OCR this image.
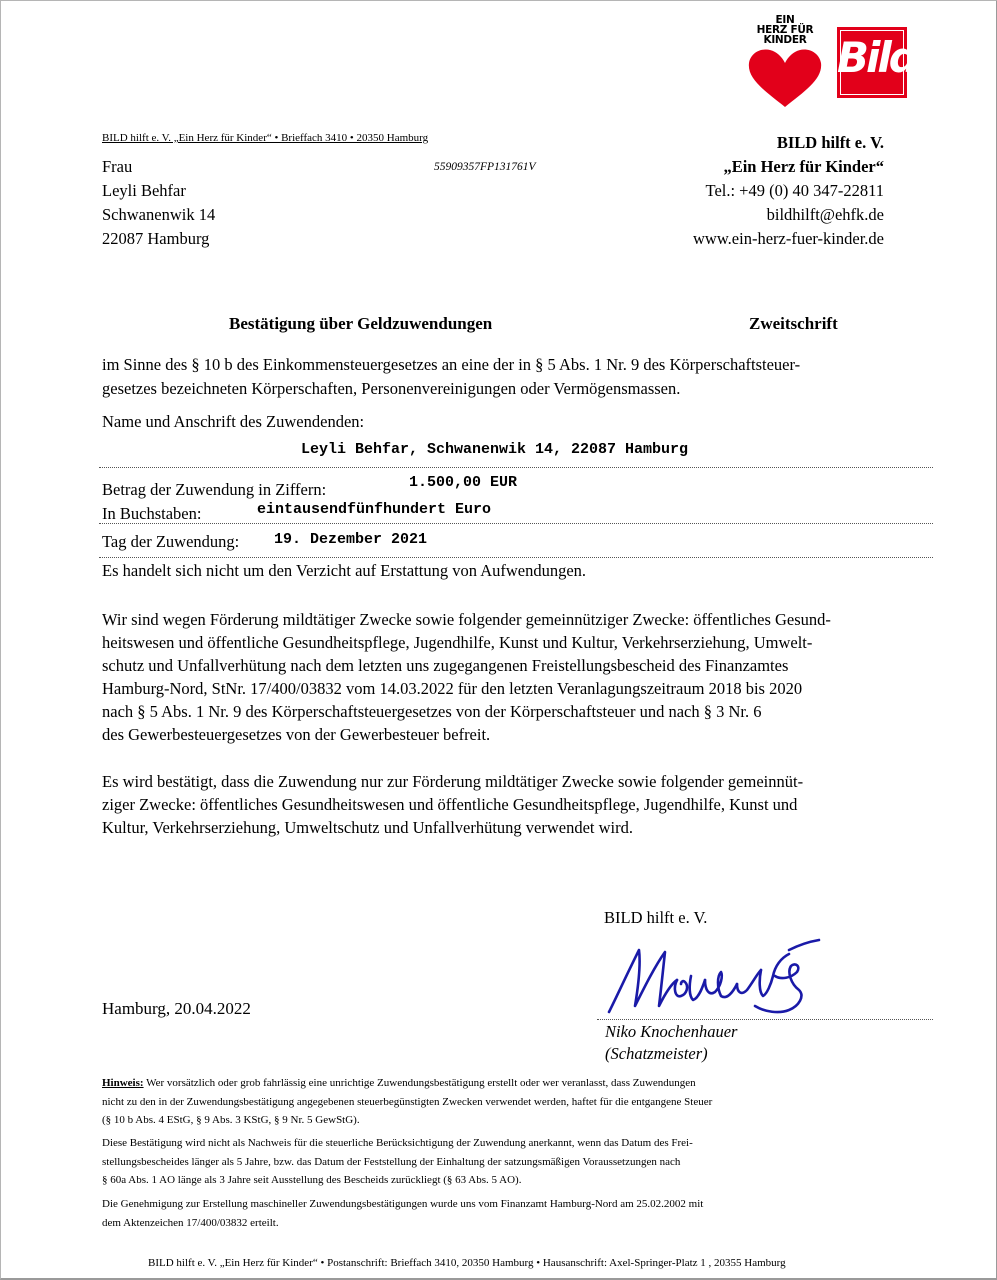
EIN
HERZ FÜR
KINDER Bild
BILD hilft e. V. „Ein Herz für Kinder“ • Brieffach 3410 • 20350 Hamburg
Frau
Leyli Behfar
Schwanenwik 14
22087 Hamburg
55909357FP131761V
BILD hilft e. V.
„Ein Herz für Kinder“
Tel.: +49 (0) 40 347-22811
bildhilft@ehfk.de
www.ein-herz-fuer-kinder.de
Bestätigung über Geldzuwendungen	Zweitschrift
im Sinne des § 10 b des Einkommensteuergesetzes an eine der in § 5 Abs. 1 Nr. 9 des Körperschaftsteuer-
gesetzes bezeichneten Körperschaften, Personenvereinigungen oder Vermögensmassen.
Name und Anschrift des Zuwendenden:
Leyli Behfar, Schwanenwik 14, 22087 Hamburg
Betrag der Zuwendung in Ziffern:	1.500,00 EUR
In Buchstaben:	eintausendfünfhundert Euro
Tag der Zuwendung: 19. Dezember 2021
Es handelt sich nicht um den Verzicht auf Erstattung von Aufwendungen.
Wir sind wegen Förderung mildtätiger Zwecke sowie folgender gemeinnütziger Zwecke: öffentliches Gesund-
heitswesen und öffentliche Gesundheitspflege, Jugendhilfe, Kunst und Kultur, Verkehrserziehung, Umwelt-
schutz und Unfallverhütung nach dem letzten uns zugegangenen Freistellungsbescheid des Finanzamtes
Hamburg-Nord, StNr. 17/400/03832 vom 14.03.2022 für den letzten Veranlagungszeitraum 2018 bis 2020
nach § 5 Abs. 1 Nr. 9 des Körperschaftsteuergesetzes von der Körperschaftsteuer und nach § 3 Nr. 6
des Gewerbesteuergesetzes von der Gewerbesteuer befreit.
Es wird bestätigt, dass die Zuwendung nur zur Förderung mildtätiger Zwecke sowie folgender gemeinnüt-
ziger Zwecke: öffentliches Gesundheitswesen und öffentliche Gesundheitspflege, Jugendhilfe, Kunst und
Kultur, Verkehrserziehung, Umweltschutz und Unfallverhütung verwendet wird.
BILD hilft e. V.
Hamburg, 20.04.2022
Niko Knochenhauer
(Schatzmeister)
Hinweis: Wer vorsätzlich oder grob fahrlässig eine unrichtige Zuwendungsbestätigung erstellt oder wer veranlasst, dass Zuwendungen
nicht zu den in der Zuwendungsbestätigung angegebenen steuerbegünstigten Zwecken verwendet werden, haftet für die entgangene Steuer
(§ 10 b Abs. 4 EStG, § 9 Abs. 3 KStG, § 9 Nr. 5 GewStG).
Diese Bestätigung wird nicht als Nachweis für die steuerliche Berücksichtigung der Zuwendung anerkannt, wenn das Datum des Frei-
stellungsbescheides länger als 5 Jahre, bzw. das Datum der Feststellung der Einhaltung der satzungsmäßigen Voraussetzungen nach
§ 60a Abs. 1 AO länge als 3 Jahre seit Ausstellung des Bescheids zurückliegt (§ 63 Abs. 5 AO).
Die Genehmigung zur Erstellung maschineller Zuwendungsbestätigungen wurde uns vom Finanzamt Hamburg-Nord am 25.02.2002 mit
dem Aktenzeichen 17/400/03832 erteilt.
BILD hilft e. V. „Ein Herz für Kinder“ • Postanschrift: Brieffach 3410, 20350 Hamburg • Hausanschrift: Axel-Springer-Platz 1 , 20355 Hamburg
